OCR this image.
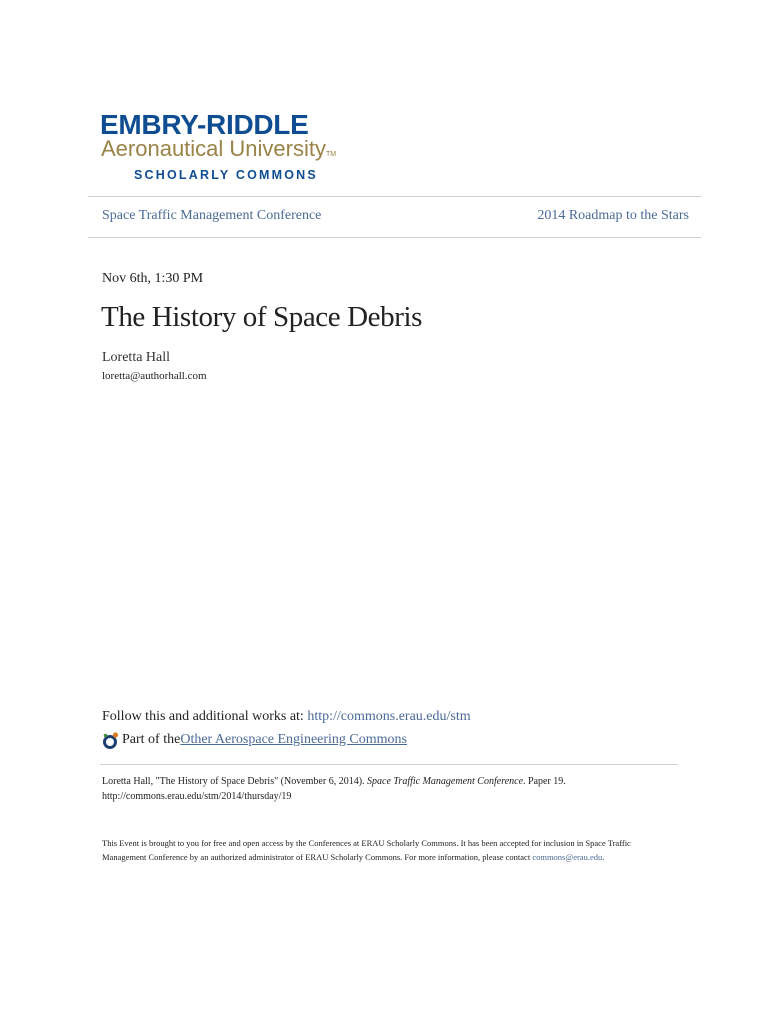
EMBRY-RIDDLE
Aeronautical UniversityTM
SCHOLARLY COMMONS
Space Traffic Management Conference	2014 Roadmap to the Stars
Nov 6th, 1:30 PM
The History of Space Debris
Loretta Hall
loretta@authorhall.com
Follow this and additional works at: http://commons.erau.edu/stm
Part of the Other Aerospace Engineering Commons
Loretta Hall, "The History of Space Debris" (November 6, 2014). Space Traffic Management Conference. Paper 19.
http://commons.erau.edu/stm/2014/thursday/19
This Event is brought to you for free and open access by the Conferences at ERAU Scholarly Commons. It has been accepted for inclusion in Space Traffic Management Conference by an authorized administrator of ERAU Scholarly Commons. For more information, please contact commons@erau.edu.
